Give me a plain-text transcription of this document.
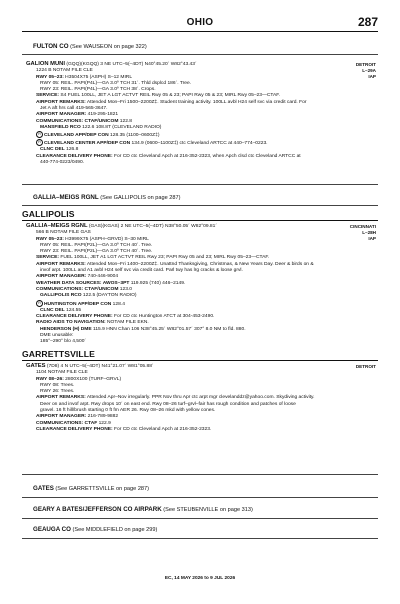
OHIO	287
FULTON CO (See WAUSEON on page 322)
DETROIT
L–29A
IAP
GALION MUNI (GQQ)(KGQQ) 3 NE UTC–5(–4DT) N40°45.20´ W82°43.43´
1224 B NOTAM FILE CLE
RWY 05–23: H3504X75 (ASPH) S–12 MIRL
RWY 05: REIL. PAPI(P4L)—GA 3.0º TCH 31´. Thld dsplcd 186´. Tree.
RWY 23: REIL. PAPI(P4L)—GA 3.0º TCH 38´. Crops.
SERVICE: S4 FUEL 100LL, JET A LGT ACTVT REIL Rwy 05 & 23; PAPI Rwy 05 & 23; MIRL Rwy 05–23—CTAF.
AIRPORT REMARKS: Attended Mon–Fri 1500–2200Z‡. Student training activity. 100LL avbl H24 self svc via credit card. For
Jet A aft hrs call 419-565-3647.
AIRPORT MANAGER: 419-295-1821
COMMUNICATIONS: CTAF/UNICOM 122.8
MANSFIELD RCO 122.6 108.8T (CLEVELAND RADIO)
R CLEVELAND APP/DEP CON 128.35 (1100–0600Z‡)
R CLEVELAND CENTER APP/DEP CON 134.9 (0600–1100Z‡) ctc Cleveland ARTCC at 440–774–0223.
CLNC DEL 126.8
CLEARANCE DELIVERY PHONE: For CD ctc Cleveland Apch at 216-352-2323, when Apch clsd ctc Cleveland ARTCC at
440-774-0223/0490.
GALLIA–MEIGS RGNL (See GALLIPOLIS on page 287)
GALLIPOLIS
CINCINNATI
L–28H
IAP
GALLIA–MEIGS RGNL (GAS)(KGAS) 2 NE UTC–5(–4DT) N38°50.05´ W82°09.81´
566 B NOTAM FILE GAS
RWY 05–23: H3999X75 (ASPH–GRVD) S–30 MIRL
RWY 05: REIL. PAPI(P2L)—GA 3.0º TCH 40´. Tree.
RWY 23: REIL. PAPI(P2L)—GA 3.0º TCH 40´. Tree.
SERVICE: FUEL 100LL, JET A1 LGT ACTVT REIL Rwy 23; PAPI Rwy 05 and 23; MIRL Rwy 05–23—CTAF.
AIRPORT REMARKS: Attended Mon–Fri 1400–2200Z‡. Unattnd Thanksgiving, Christmas, & New Years Day. Deer & birds on &
invof arpt. 100LL and A1 avbl H24 self svc via credit card. Parl twy has lrg cracks & loose grvl.
AIRPORT MANAGER: 740-446-9004
WEATHER DATA SOURCES: AWOS–3PT 119.925 (740) 446–2149.
COMMUNICATIONS: CTAF/UNICOM 123.0
GALLIPOLIS RCO 122.5 (DAYTON RADIO)
R HUNTINGTON APP/DEP CON 128.4
CLNC DEL 124.55
CLEARANCE DELIVERY PHONE: For CD ctc Huntington ATCT at 304-453-2490.
RADIO AIDS TO NAVIGATION: NOTAM FILE EKN.
HENDERSON (H) DME 115.9 HNN Chan 106 N38°45.25´ W82°01.57´ 307° 8.0 NM to fld. 880.
DME unusable:
185°–290° blo 4,500´
GARRETTSVILLE
DETROIT
GATES (7D8) 4 N UTC–5(–4DT) N41°21.07´ W81°05.88´
1104 NOTAM FILE CLE
RWY 08–26: 2800X100 (TURF–GRVL)
RWY 08: Trees.
RWY 26: Trees.
AIRPORT REMARKS: Attended Apr–Nov irregularly. PPR Nov thru Apr ctc arpt mgr clevelanddz@yahoo.com. Skydiving activity.
Deer on and invof arpt. Rwy drops 10´ on east end. Rwy 08–26 turf–grvl–fair has rough condition and patches of loose
gravel. 16 ft hill/brush starting 0 ft fm AER 26. Rwy 08–26 mkd with yellow cones.
AIRPORT MANAGER: 216-789-9882
COMMUNICATIONS: CTAF 122.9
CLEARANCE DELIVERY PHONE: For CD ctc Cleveland Apch at 216-352-2323.
GATES (See GARRETTSVILLE on page 287)
GEARY A BATES/JEFFERSON CO AIRPARK (See STEUBENVILLE on page 313)
GEAUGA CO (See MIDDLEFIELD on page 299)
EC, 14 MAY 2026 to 9 JUL 2026
